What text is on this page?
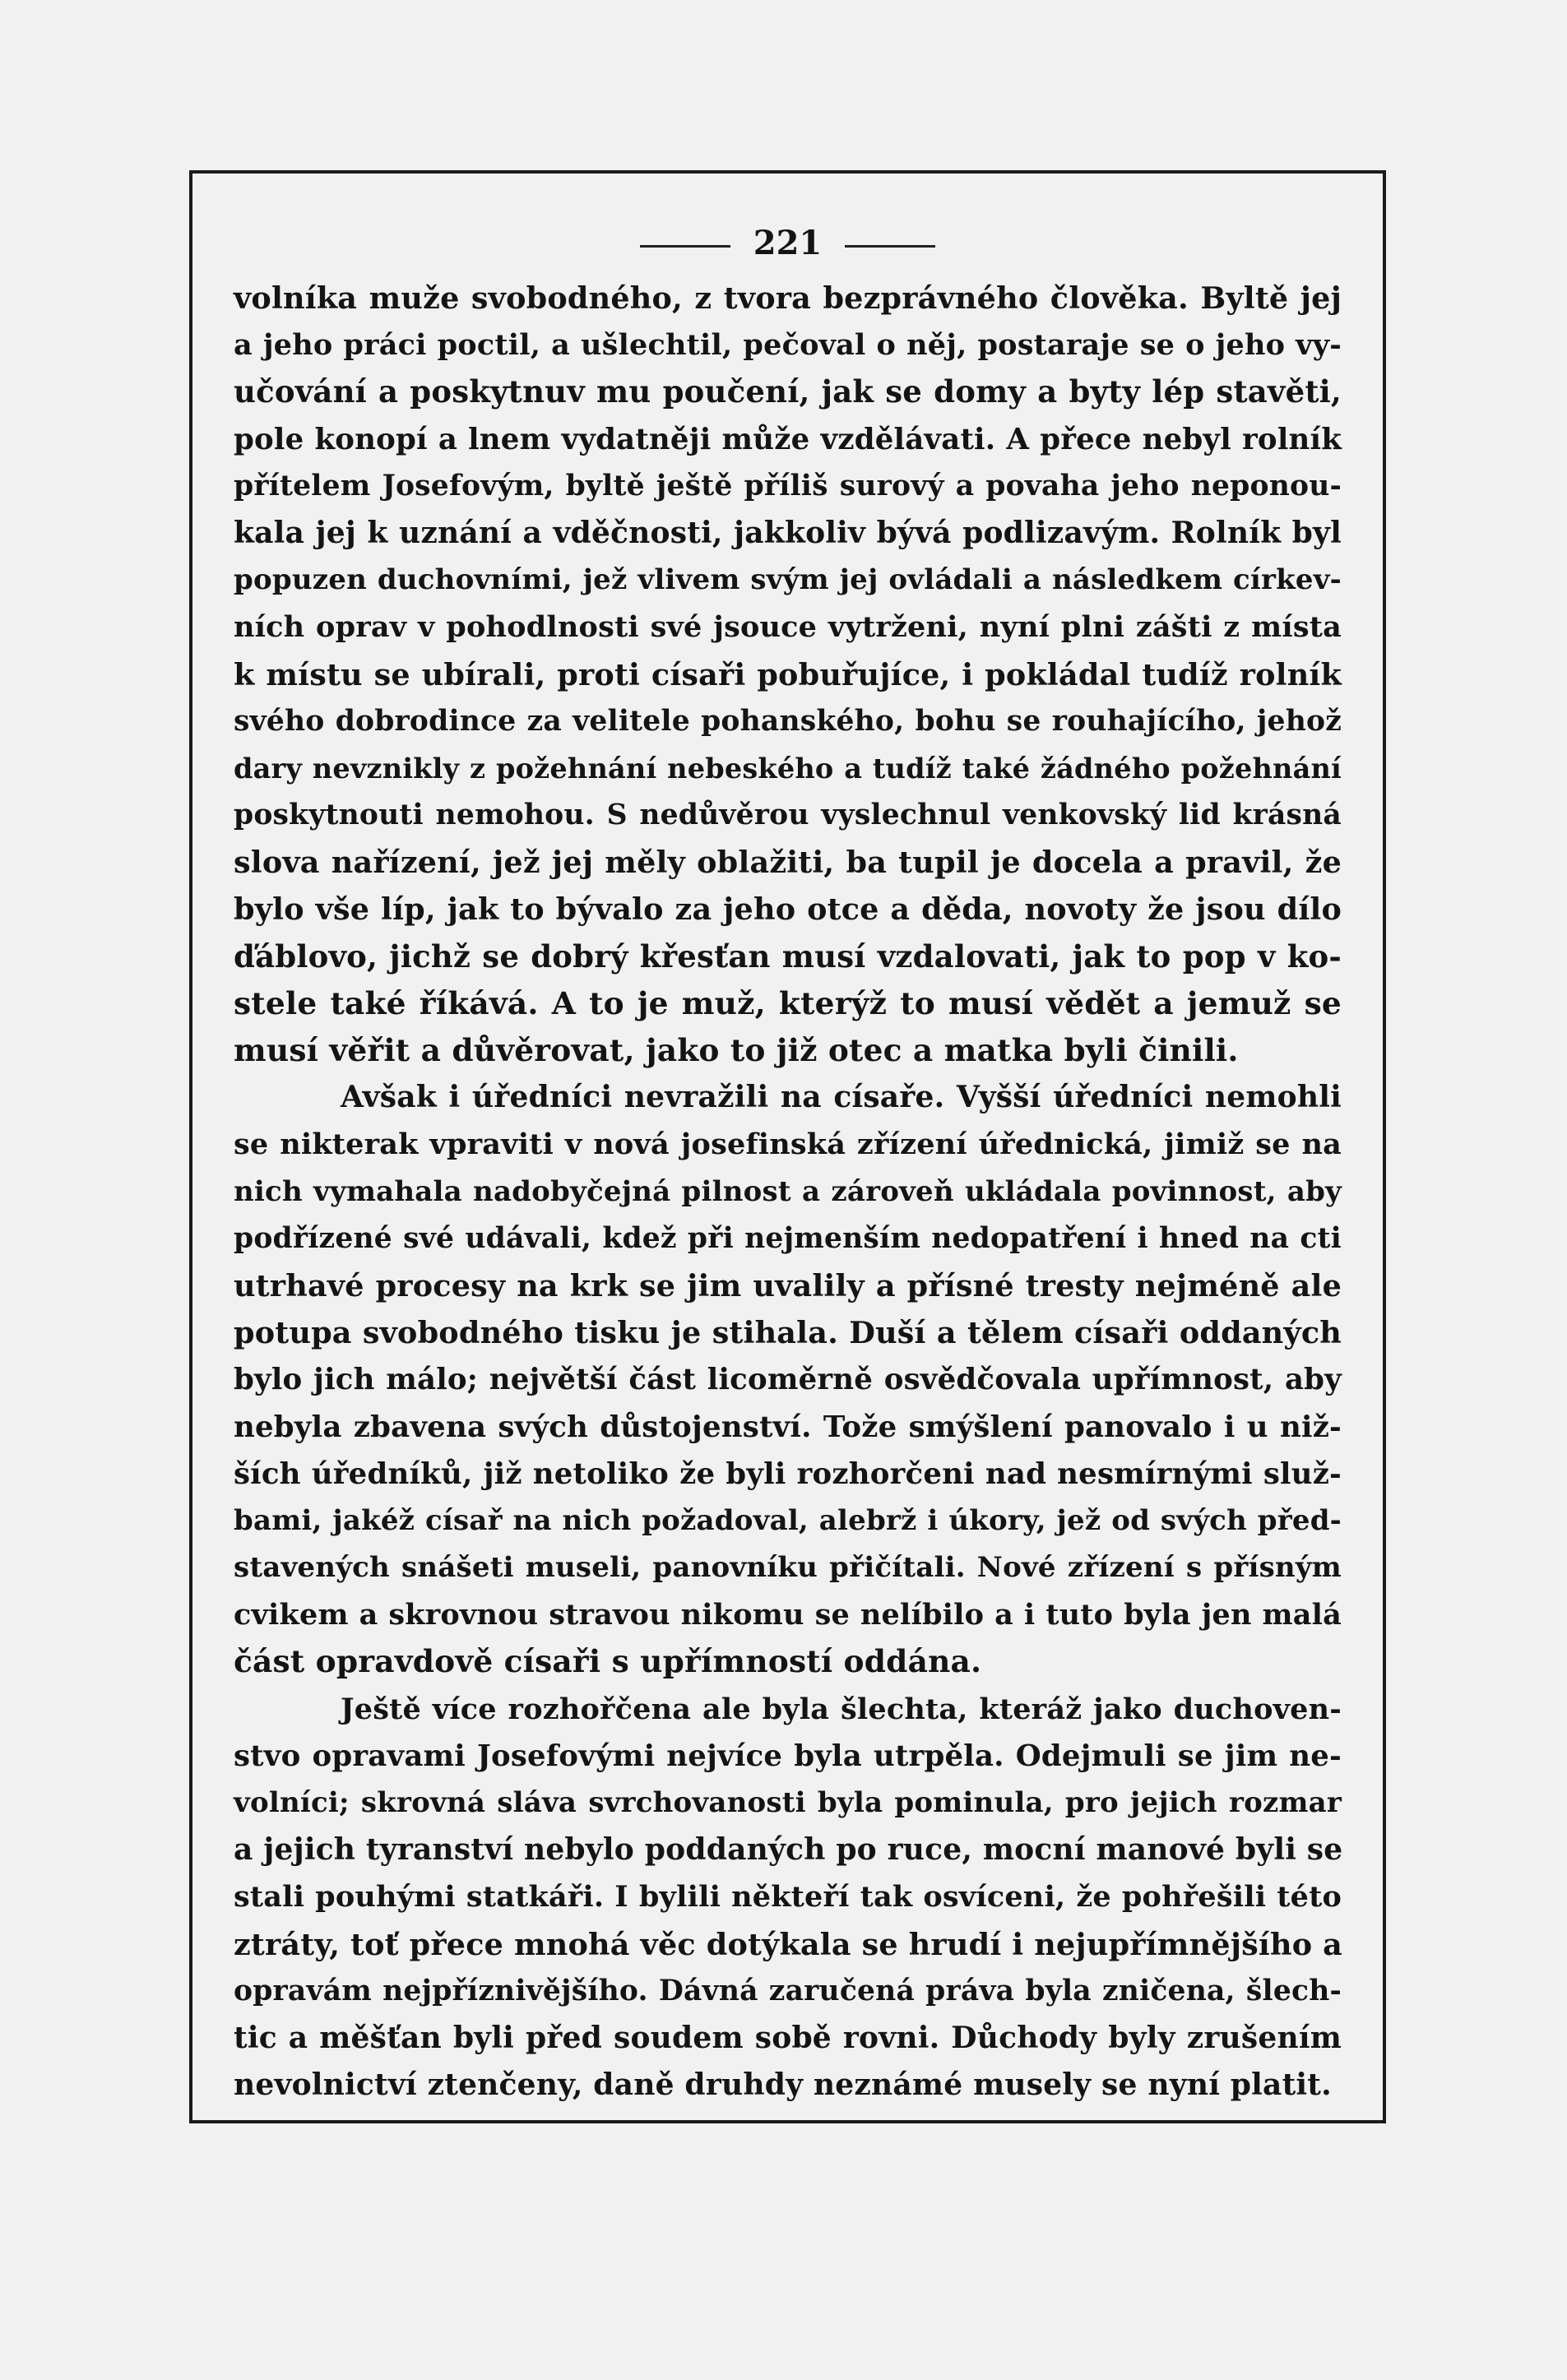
221
volníka muže svobodného, z tvora bezprávného člověka. Byltě jej
a jeho práci poctil, a ušlechtil, pečoval o něj, postaraje se o jeho vy-
učování a poskytnuv mu poučení, jak se domy a byty lép stavěti,
pole konopí a lnem vydatněji může vzdělávati. A přece nebyl rolník
přítelem Josefovým, byltě ještě příliš surový a povaha jeho neponou-
kala jej k uznání a vděčnosti, jakkoliv bývá podlizavým. Rolník byl
popuzen duchovními, jež vlivem svým jej ovládali a následkem církev-
ních oprav v pohodlnosti své jsouce vytrženi, nyní plni zášti z místa
k místu se ubírali, proti císaři pobuřujíce, i pokládal tudíž rolník
svého dobrodince za velitele pohanského, bohu se rouhajícího, jehož
dary nevznikly z požehnání nebeského a tudíž také žádného požehnání
poskytnouti nemohou. S nedůvěrou vyslechnul venkovský lid krásná
slova nařízení, jež jej měly oblažiti, ba tupil je docela a pravil, že
bylo vše líp, jak to bývalo za jeho otce a děda, novoty že jsou dílo
ďáblovo, jichž se dobrý křesťan musí vzdalovati, jak to pop v ko-
stele také říkává. A to je muž, kterýž to musí vědět a jemuž se
musí věřit a důvěrovat, jako to již otec a matka byli činili.
Avšak i úředníci nevražili na císaře. Vyšší úředníci nemohli
se nikterak vpraviti v nová josefinská zřízení úřednická, jimiž se na
nich vymahala nadobyčejná pilnost a zároveň ukládala povinnost, aby
podřízené své udávali, kdež při nejmenším nedopatření i hned na cti
utrhavé procesy na krk se jim uvalily a přísné tresty nejméně ale
potupa svobodného tisku je stihala. Duší a tělem císaři oddaných
bylo jich málo; největší část licoměrně osvědčovala upřímnost, aby
nebyla zbavena svých důstojenství. Tože smýšlení panovalo i u niž-
ších úředníků, již netoliko že byli rozhorčeni nad nesmírnými služ-
bami, jakéž císař na nich požadoval, alebrž i úkory, jež od svých před-
stavených snášeti museli, panovníku přičítali. Nové zřízení s přísným
cvikem a skrovnou stravou nikomu se nelíbilo a i tuto byla jen malá
část opravdově císaři s upřímností oddána.
Ještě více rozhořčena ale byla šlechta, kteráž jako duchoven-
stvo opravami Josefovými nejvíce byla utrpěla. Odejmuli se jim ne-
volníci; skrovná sláva svrchovanosti byla pominula, pro jejich rozmar
a jejich tyranství nebylo poddaných po ruce, mocní manové byli se
stali pouhými statkáři. I bylili někteří tak osvíceni, že pohřešili této
ztráty, toť přece mnohá věc dotýkala se hrudí i nejupřímnějšího a
opravám nejpříznivějšího. Dávná zaručená práva byla zničena, šlech-
tic a měšťan byli před soudem sobě rovni. Důchody byly zrušením
nevolnictví ztenčeny, daně druhdy neznámé musely se nyní platit.
